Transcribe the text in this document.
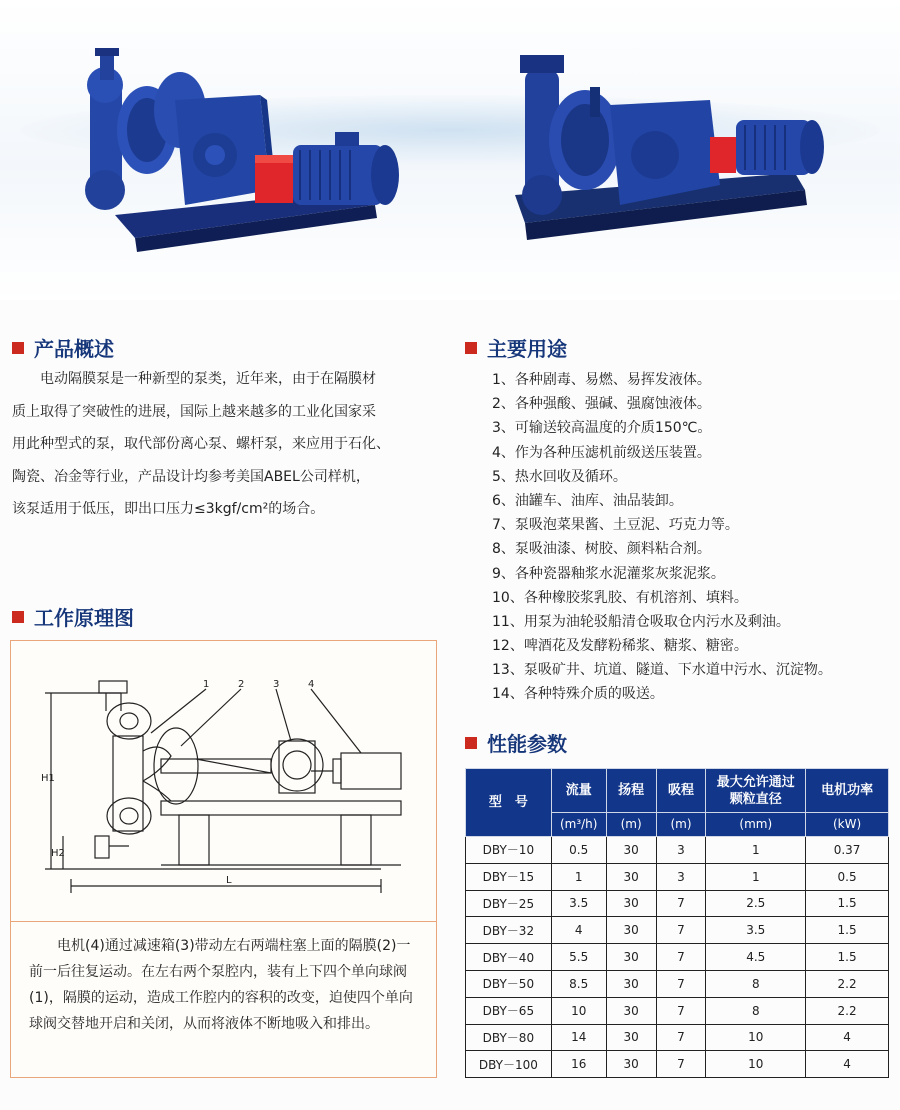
产品概述

电动隔膜泵是一种新型的泵类，近年来，由于在隔膜材

质上取得了突破性的进展，国际上越来越多的工业化国家采

用此种型式的泵，取代部份离心泵、螺杆泵，来应用于石化、

陶瓷、冶金等行业，产品设计均参考美国ABEL公司样机，

该泵适用于低压，即出口压力≤3kgf/cm²的场合。

工作原理图
1	2	3	4
H1
H2
L
电机(4)通过减速箱(3)带动左右两端柱塞上面的隔膜(2)一前一后往复运动。在左右两个泵腔内，装有上下四个单向球阀(1)，隔膜的运动，造成工作腔内的容积的改变，迫使四个单向球阀交替地开启和关闭，从而将液体不断地吸入和排出。
主要用途
1、各种剧毒、易燃、易挥发液体。
2、各种强酸、强碱、强腐蚀液体。
3、可输送较高温度的介质150℃。
4、作为各种压滤机前级送压装置。
5、热水回收及循环。
6、油罐车、油库、油品装卸。
7、泵吸泡菜果酱、土豆泥、巧克力等。
8、泵吸油漆、树胶、颜料粘合剂。
9、各种瓷器釉浆水泥灌浆灰浆泥浆。
10、各种橡胶浆乳胶、有机溶剂、填料。
11、用泵为油轮驳船清仓吸取仓内污水及剩油。
12、啤酒花及发酵粉稀浆、糖浆、糖密。
13、泵吸矿井、坑道、隧道、下水道中污水、沉淀物。
14、各种特殊介质的吸送。
性能参数
型　号	流量	扬程	吸程	最大允许通过颗粒直径	电机功率
	(m³/h)	(m)	(m)	(mm)	(kW)
DBY－10	0.5	30	3	1	0.37
DBY－15	1	30	3	1	0.5
DBY－25	3.5	30	7	2.5	1.5
DBY－32	4	30	7	3.5	1.5
DBY－40	5.5	30	7	4.5	1.5
DBY－50	8.5	30	7	8	2.2
DBY－65	10	30	7	8	2.2
DBY－80	14	30	7	10	4
DBY－100	16	30	7	10	4
